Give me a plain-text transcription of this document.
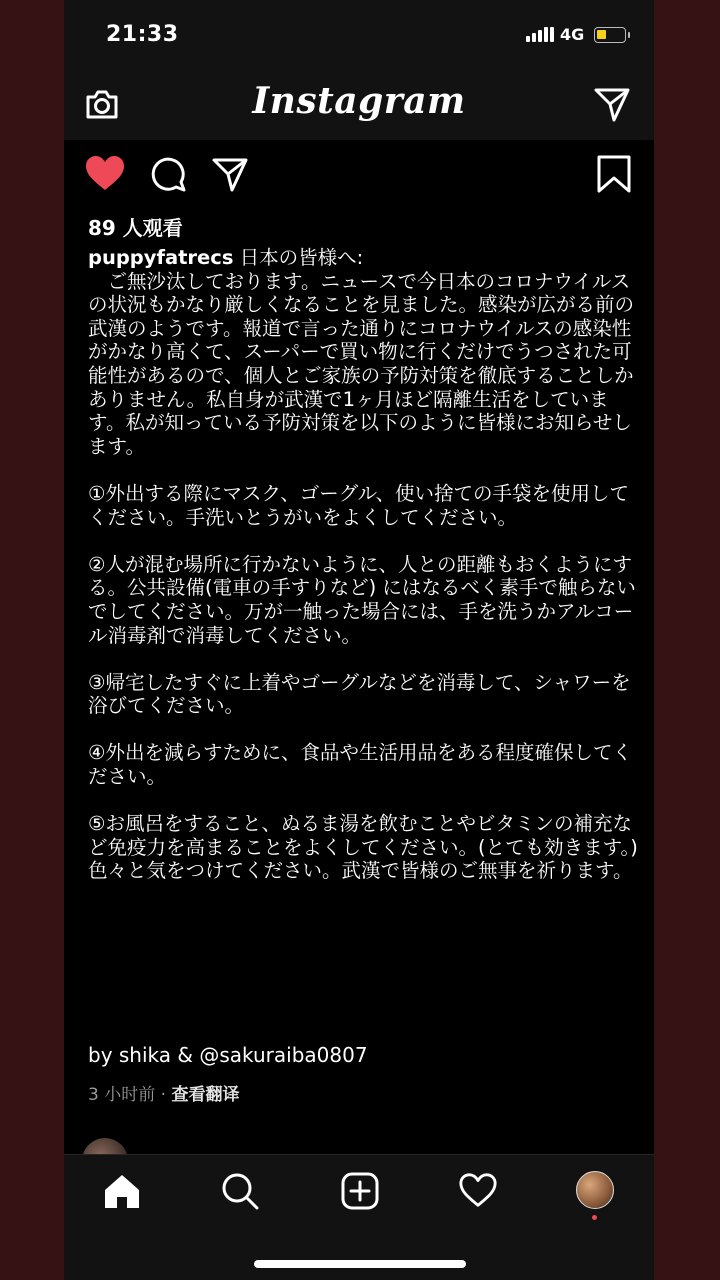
21:33	4G
Instagram
89 人观看
puppyfatrecs 日本の皆様へ:

　ご無沙汰しております。ニュースで今日本のコロナウイルスの状況もかなり厳しくなることを見ました。感染が広がる前の武漢のようです。報道で言った通りにコロナウイルスの感染性がかなり高くて、スーパーで買い物に行くだけでうつされた可能性があるので、個人とご家族の予防対策を徹底することしかありません。私自身が武漢で1ヶ月ほど隔離生活をしています。私が知っている予防対策を以下のように皆様にお知らせします。

①外出する際にマスク、ゴーグル、使い捨ての手袋を使用してください。手洗いとうがいをよくしてください。

②人が混む場所に行かないように、人との距離もおくようにする。公共設備(電車の手すりなど) にはなるべく素手で触らないでしてください。万が一触った場合には、手を洗うかアルコール消毒剤で消毒してください。

③帰宅したすぐに上着やゴーグルなどを消毒して、シャワーを浴びてください。

④外出を減らすために、食品や生活用品をある程度確保してください。

⑤お風呂をすること、ぬるま湯を飲むことやビタミンの補充など免疫力を高まることをよくしてください。(とても効きます。) 色々と気をつけてください。武漢で皆様のご無事を祈ります。

by shika & @sakuraiba0807
3 小时前 · 查看翻译
